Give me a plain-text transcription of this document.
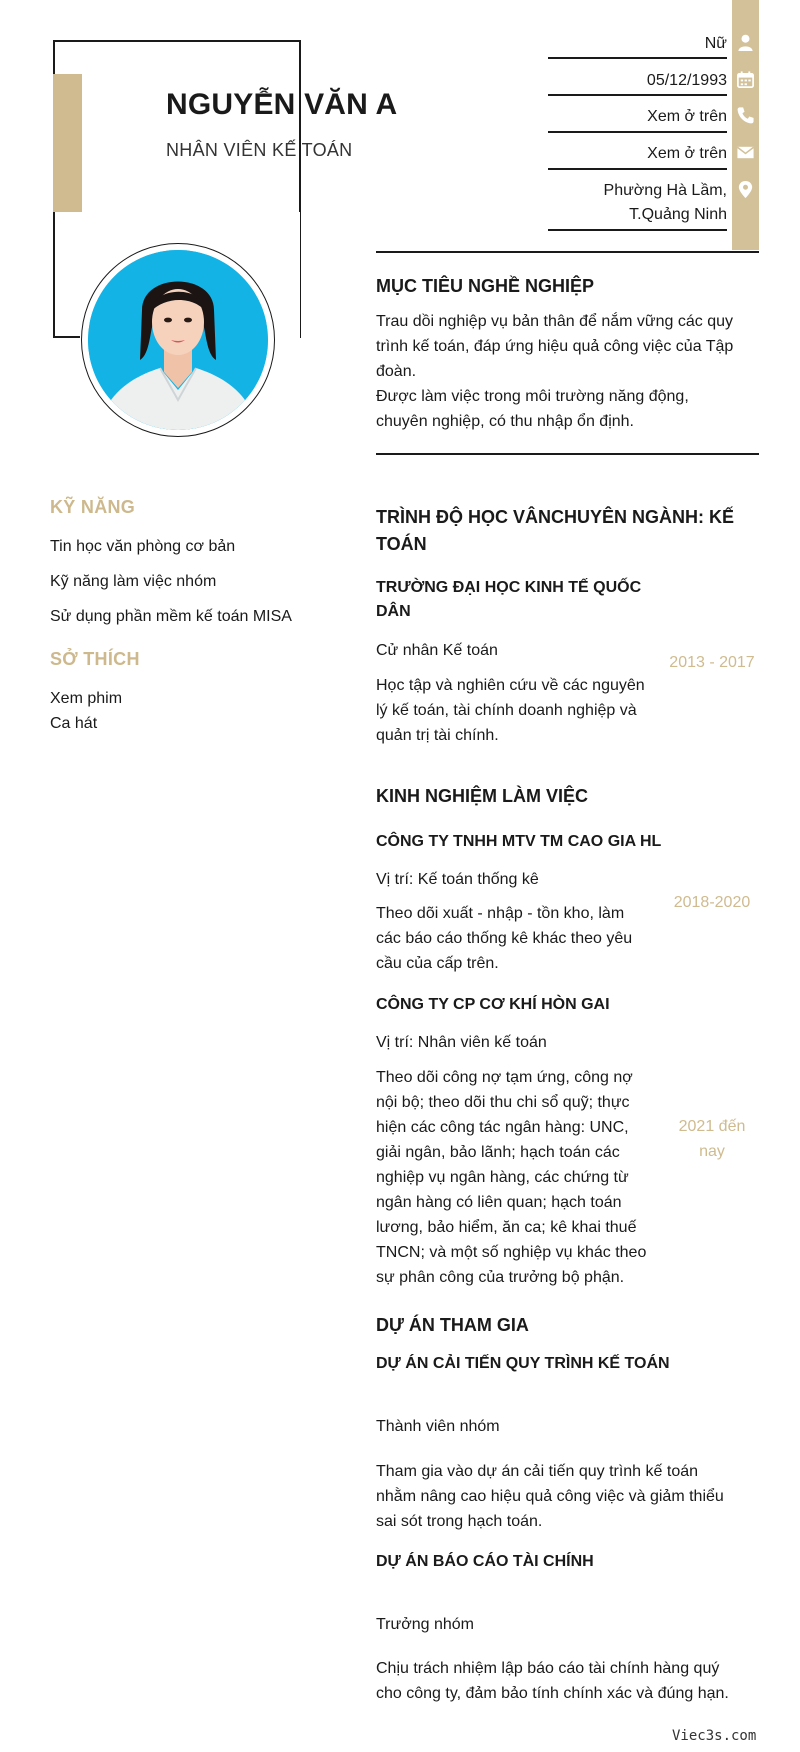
NGUYỄN VĂN A
NHÂN VIÊN KẾ TOÁN
Nữ
05/12/1993
Xem ở trên
Xem ở trên
Phường Hà Lầm,
T.Quảng Ninh
KỸ NĂNG
Tin học văn phòng cơ bản
Kỹ năng làm việc nhóm
Sử dụng phần mềm kế toán MISA
SỞ THÍCH
Xem phim
Ca hát
MỤC TIÊU NGHỀ NGHIỆP
Trau dồi nghiệp vụ bản thân để nắm vững các quy
trình kế toán, đáp ứng hiệu quả công việc của Tập
đoàn.
Được làm việc trong môi trường năng động,
chuyên nghiệp, có thu nhập ổn định.
TRÌNH ĐỘ HỌC VÂNCHUYÊN NGÀNH: KẾ
TOÁN
TRƯỜNG ĐẠI HỌC KINH TẾ QUỐC
DÂN
Cử nhân Kế toán
Học tập và nghiên cứu về các nguyên
lý kế toán, tài chính doanh nghiệp và
quản trị tài chính.
2013 - 2017
KINH NGHIỆM LÀM VIỆC
CÔNG TY TNHH MTV TM CAO GIA HL
Vị trí: Kế toán thống kê
Theo dõi xuất - nhập - tồn kho, làm
các báo cáo thống kê khác theo yêu
cầu của cấp trên.
2018-2020
CÔNG TY CP CƠ KHÍ HÒN GAI
Vị trí: Nhân viên kế toán
Theo dõi công nợ tạm ứng, công nợ
nội bộ; theo dõi thu chi sổ quỹ; thực
hiện các công tác ngân hàng: UNC,
giải ngân, bảo lãnh; hạch toán các
nghiệp vụ ngân hàng, các chứng từ
ngân hàng có liên quan; hạch toán
lương, bảo hiểm, ăn ca; kê khai thuế
TNCN; và một số nghiệp vụ khác theo
sự phân công của trưởng bộ phận.
2021 đến
nay
DỰ ÁN THAM GIA
DỰ ÁN CẢI TIẾN QUY TRÌNH KẾ TOÁN
Thành viên nhóm
Tham gia vào dự án cải tiến quy trình kế toán
nhằm nâng cao hiệu quả công việc và giảm thiểu
sai sót trong hạch toán.
DỰ ÁN BÁO CÁO TÀI CHÍNH
Trưởng nhóm
Chịu trách nhiệm lập báo cáo tài chính hàng quý
cho công ty, đảm bảo tính chính xác và đúng hạn.
Viec3s.com
